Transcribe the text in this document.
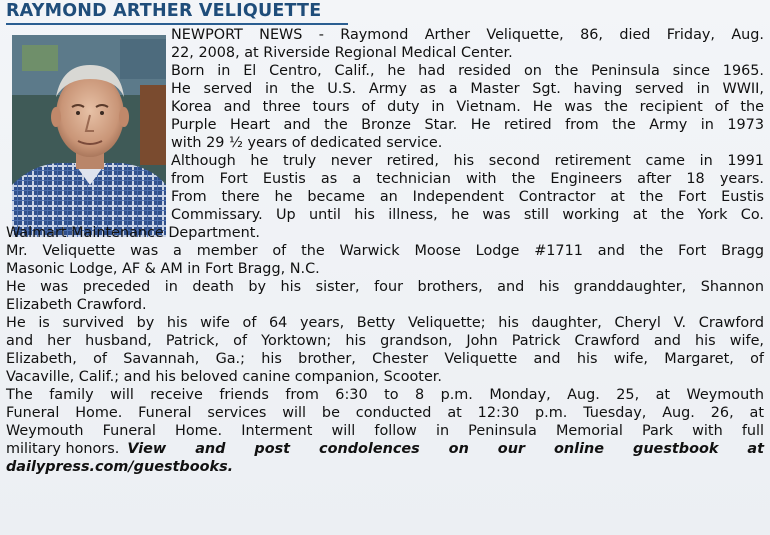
RAYMOND ARTHER VELIQUETTE
NEWPORT NEWS - Raymond Arther Veliquette, 86, died Friday, Aug.
22, 2008, at Riverside Regional Medical Center.
Born in El Centro, Calif., he had resided on the Peninsula since 1965.
He served in the U.S. Army as a Master Sgt. having served in WWII,
Korea and three tours of duty in Vietnam. He was the recipient of the
Purple Heart and the Bronze Star. He retired from the Army in 1973
with 29 ½ years of dedicated service.
Although he truly never retired, his second retirement came in 1991
from Fort Eustis as a technician with the Engineers after 18 years.
From there he became an Independent Contractor at the Fort Eustis
Commissary. Up until his illness, he was still working at the York Co.
Walmart Maintenance Department.
Mr. Veliquette was a member of the Warwick Moose Lodge #1711 and the Fort Bragg
Masonic Lodge, AF & AM in Fort Bragg, N.C.
He was preceded in death by his sister, four brothers, and his granddaughter, Shannon
Elizabeth Crawford.
He is survived by his wife of 64 years, Betty Veliquette; his daughter, Cheryl V. Crawford
and her husband, Patrick, of Yorktown; his grandson, John Patrick Crawford and his wife,
Elizabeth, of Savannah, Ga.; his brother, Chester Veliquette and his wife, Margaret, of
Vacaville, Calif.; and his beloved canine companion, Scooter.
The family will receive friends from 6:30 to 8 p.m. Monday, Aug. 25, at Weymouth
Funeral Home. Funeral services will be conducted at 12:30 p.m. Tuesday, Aug. 26, at
Weymouth Funeral Home. Interment will follow in Peninsula Memorial Park with full
military honors. View and post condolences on our online guestbook at
dailypress.com/guestbooks.
